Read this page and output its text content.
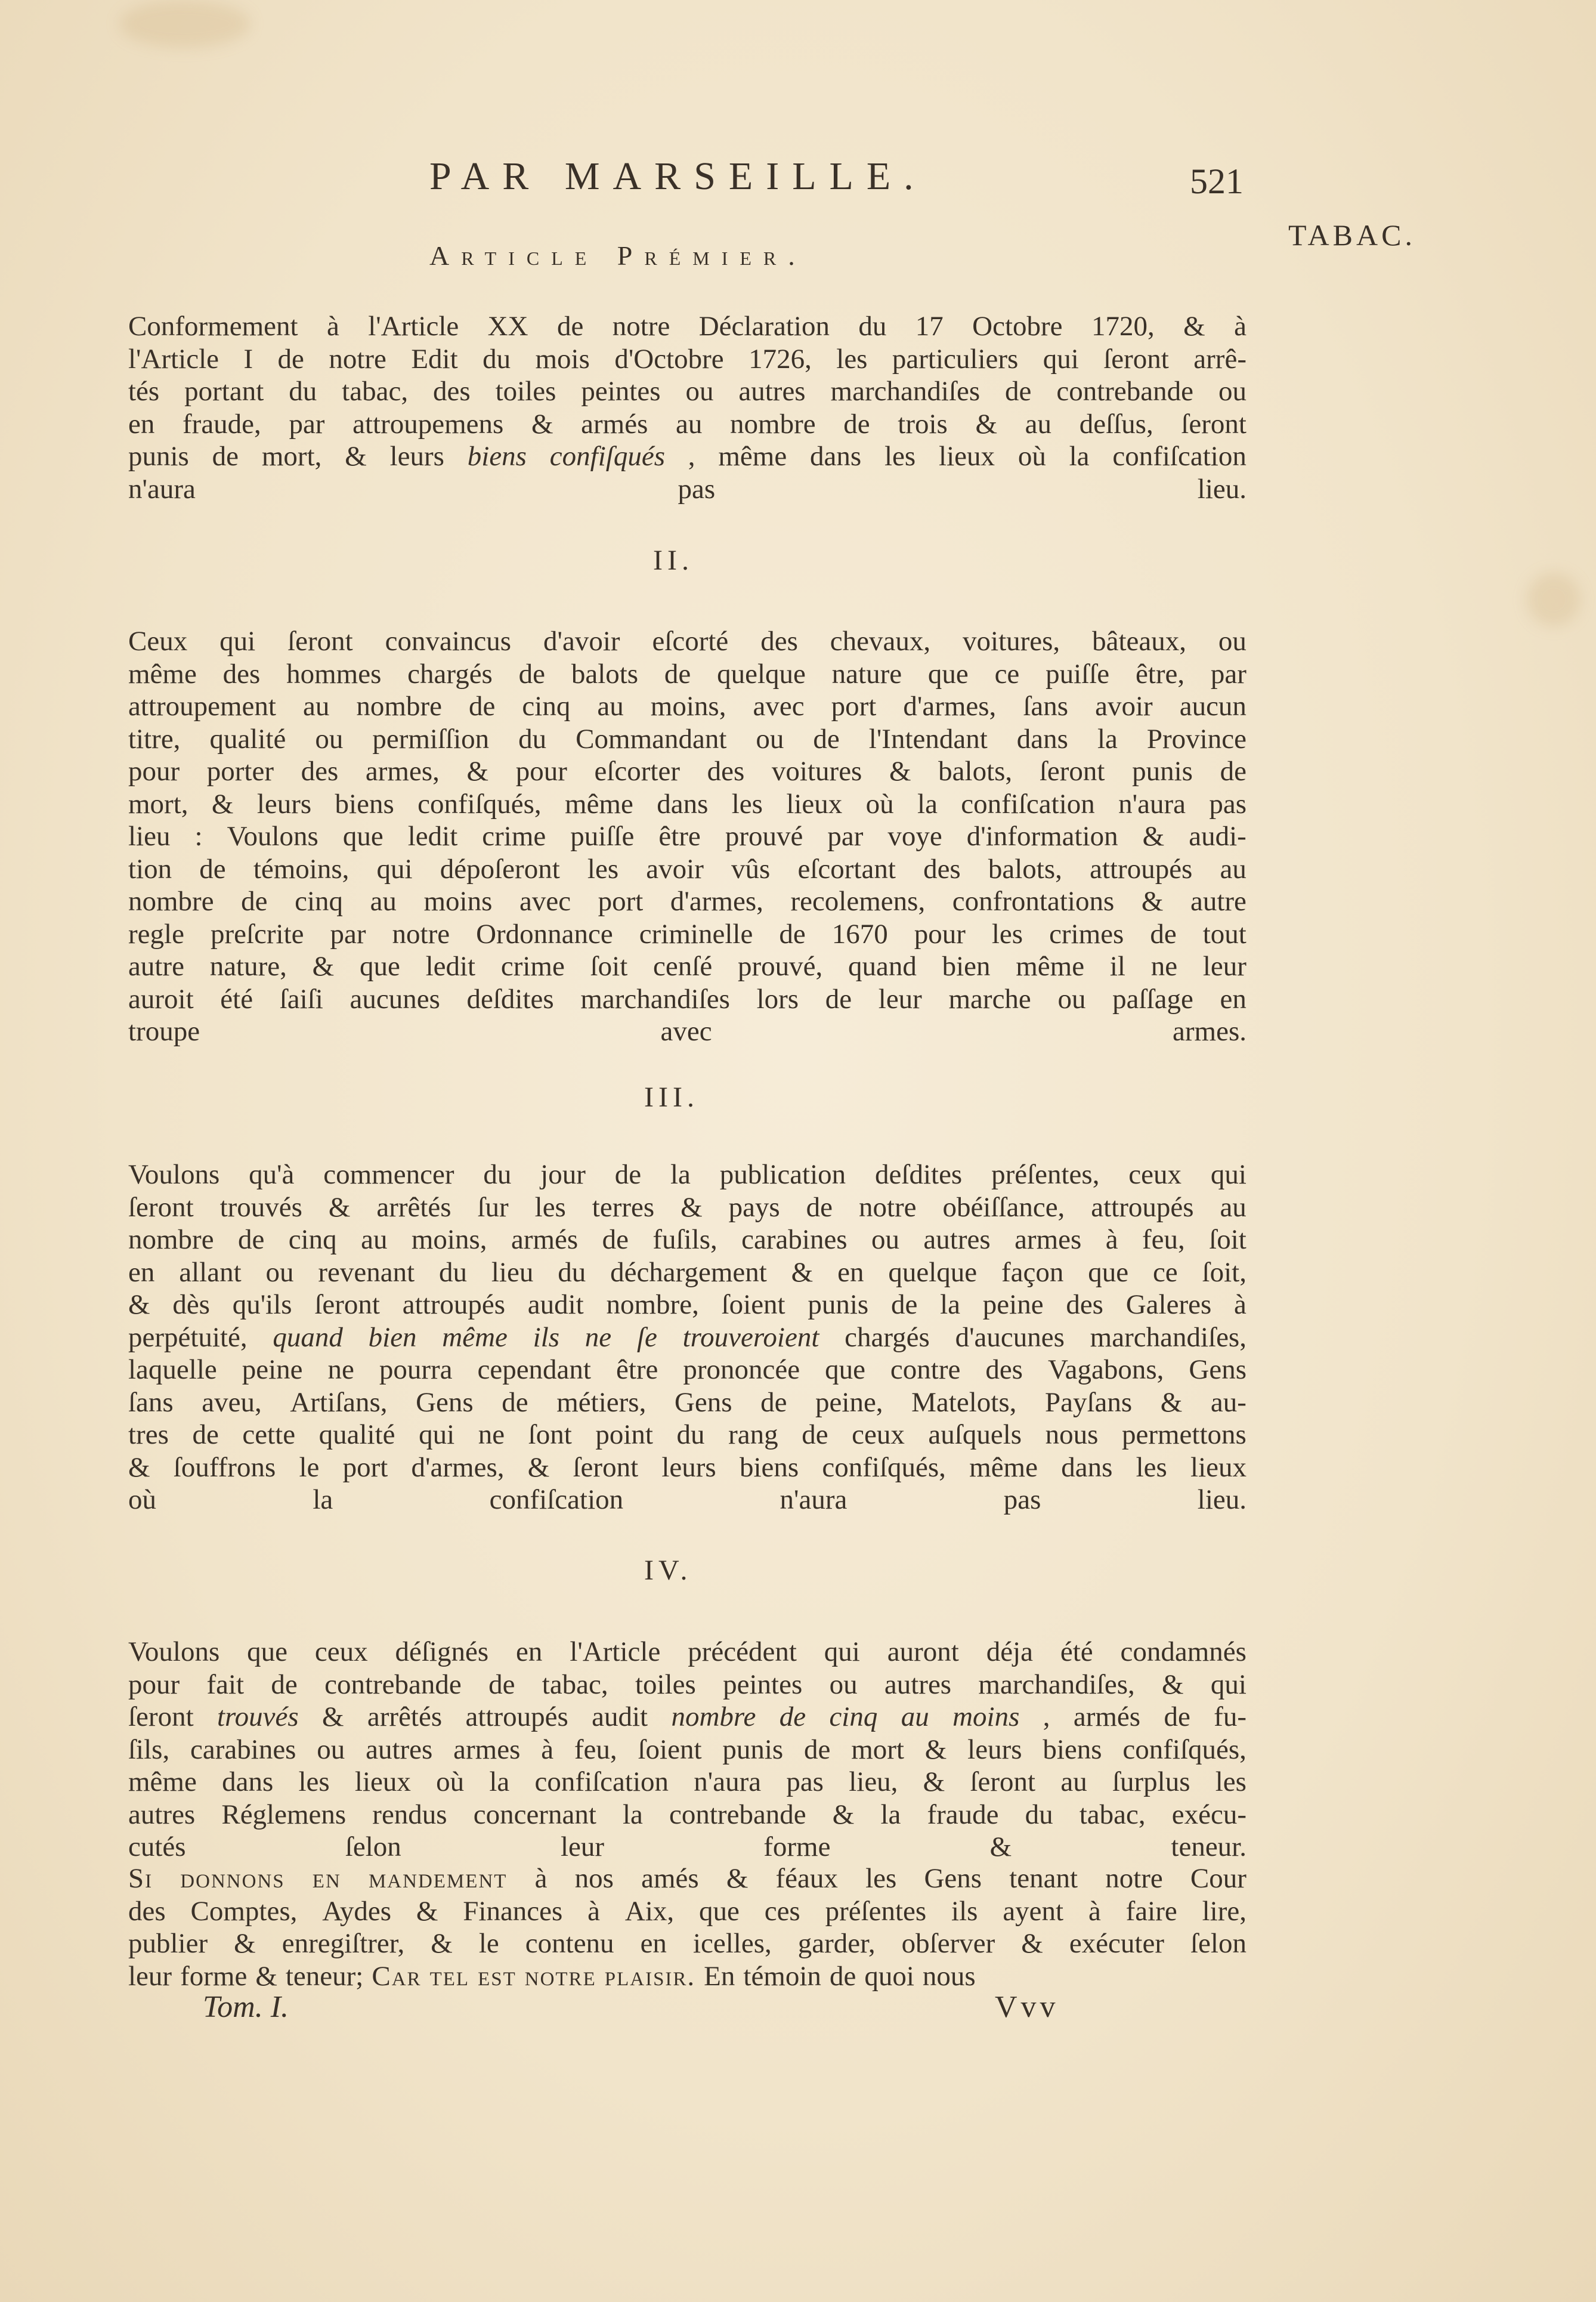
PAR MARSEILLE.	521
TABAC.
Article Prémier.
Conformement à l'Article XX de notre Déclaration du 17 Octobre 1720, & à
l'Article I de notre Edit du mois d'Octobre 1726, les particuliers qui ſeront arrê-
tés portant du tabac, des toiles peintes ou autres marchandiſes de contrebande ou
en fraude, par attroupemens & armés au nombre de trois & au deſſus, ſeront
punis de mort, & leurs biens confiſqués , même dans les lieux où la confiſcation
n'aura pas lieu.
II.
Ceux qui ſeront convaincus d'avoir eſcorté des chevaux, voitures, bâteaux, ou
même des hommes chargés de balots de quelque nature que ce puiſſe être, par
attroupement au nombre de cinq au moins, avec port d'armes, ſans avoir aucun
titre, qualité ou permiſſion du Commandant ou de l'Intendant dans la Province
pour porter des armes, & pour eſcorter des voitures & balots, ſeront punis de
mort, & leurs biens confiſqués, même dans les lieux où la confiſcation n'aura pas
lieu : Voulons que ledit crime puiſſe être prouvé par voye d'information & audi-
tion de témoins, qui dépoſeront les avoir vûs eſcortant des balots, attroupés au
nombre de cinq au moins avec port d'armes, recolemens, confrontations & autre
regle preſcrite par notre Ordonnance criminelle de 1670 pour les crimes de tout
autre nature, & que ledit crime ſoit cenſé prouvé, quand bien même il ne leur
auroit été ſaiſi aucunes deſdites marchandiſes lors de leur marche ou paſſage en
troupe avec armes.
III.
Voulons qu'à commencer du jour de la publication deſdites préſentes, ceux qui
ſeront trouvés & arrêtés ſur les terres & pays de notre obéiſſance, attroupés au
nombre de cinq au moins, armés de fuſils, carabines ou autres armes à feu, ſoit
en allant ou revenant du lieu du déchargement & en quelque façon que ce ſoit,
& dès qu'ils ſeront attroupés audit nombre, ſoient punis de la peine des Galeres à
perpétuité, quand bien même ils ne ſe trouveroient chargés d'aucunes marchandiſes,
laquelle peine ne pourra cependant être prononcée que contre des Vagabons, Gens
ſans aveu, Artiſans, Gens de métiers, Gens de peine, Matelots, Payſans & au-
tres de cette qualité qui ne ſont point du rang de ceux auſquels nous permettons
& ſouffrons le port d'armes, & ſeront leurs biens confiſqués, même dans les lieux
où la confiſcation n'aura pas lieu.
IV.
Voulons que ceux déſignés en l'Article précédent qui auront déja été condamnés
pour fait de contrebande de tabac, toiles peintes ou autres marchandiſes, & qui
ſeront trouvés & arrêtés attroupés audit nombre de cinq au moins , armés de fu-
ſils, carabines ou autres armes à feu, ſoient punis de mort & leurs biens confiſqués,
même dans les lieux où la confiſcation n'aura pas lieu, & ſeront au ſurplus les
autres Réglemens rendus concernant la contrebande & la fraude du tabac, exécu-
cutés ſelon leur forme & teneur.
Si donnons en mandement à nos amés & féaux les Gens tenant notre Cour
des Comptes, Aydes & Finances à Aix, que ces préſentes ils ayent à faire lire,
publier & enregiſtrer, & le contenu en icelles, garder, obſerver & exécuter ſelon
leur forme & teneur; Car tel est notre plaisir. En témoin de quoi nous
Tom. I.	Vvv
